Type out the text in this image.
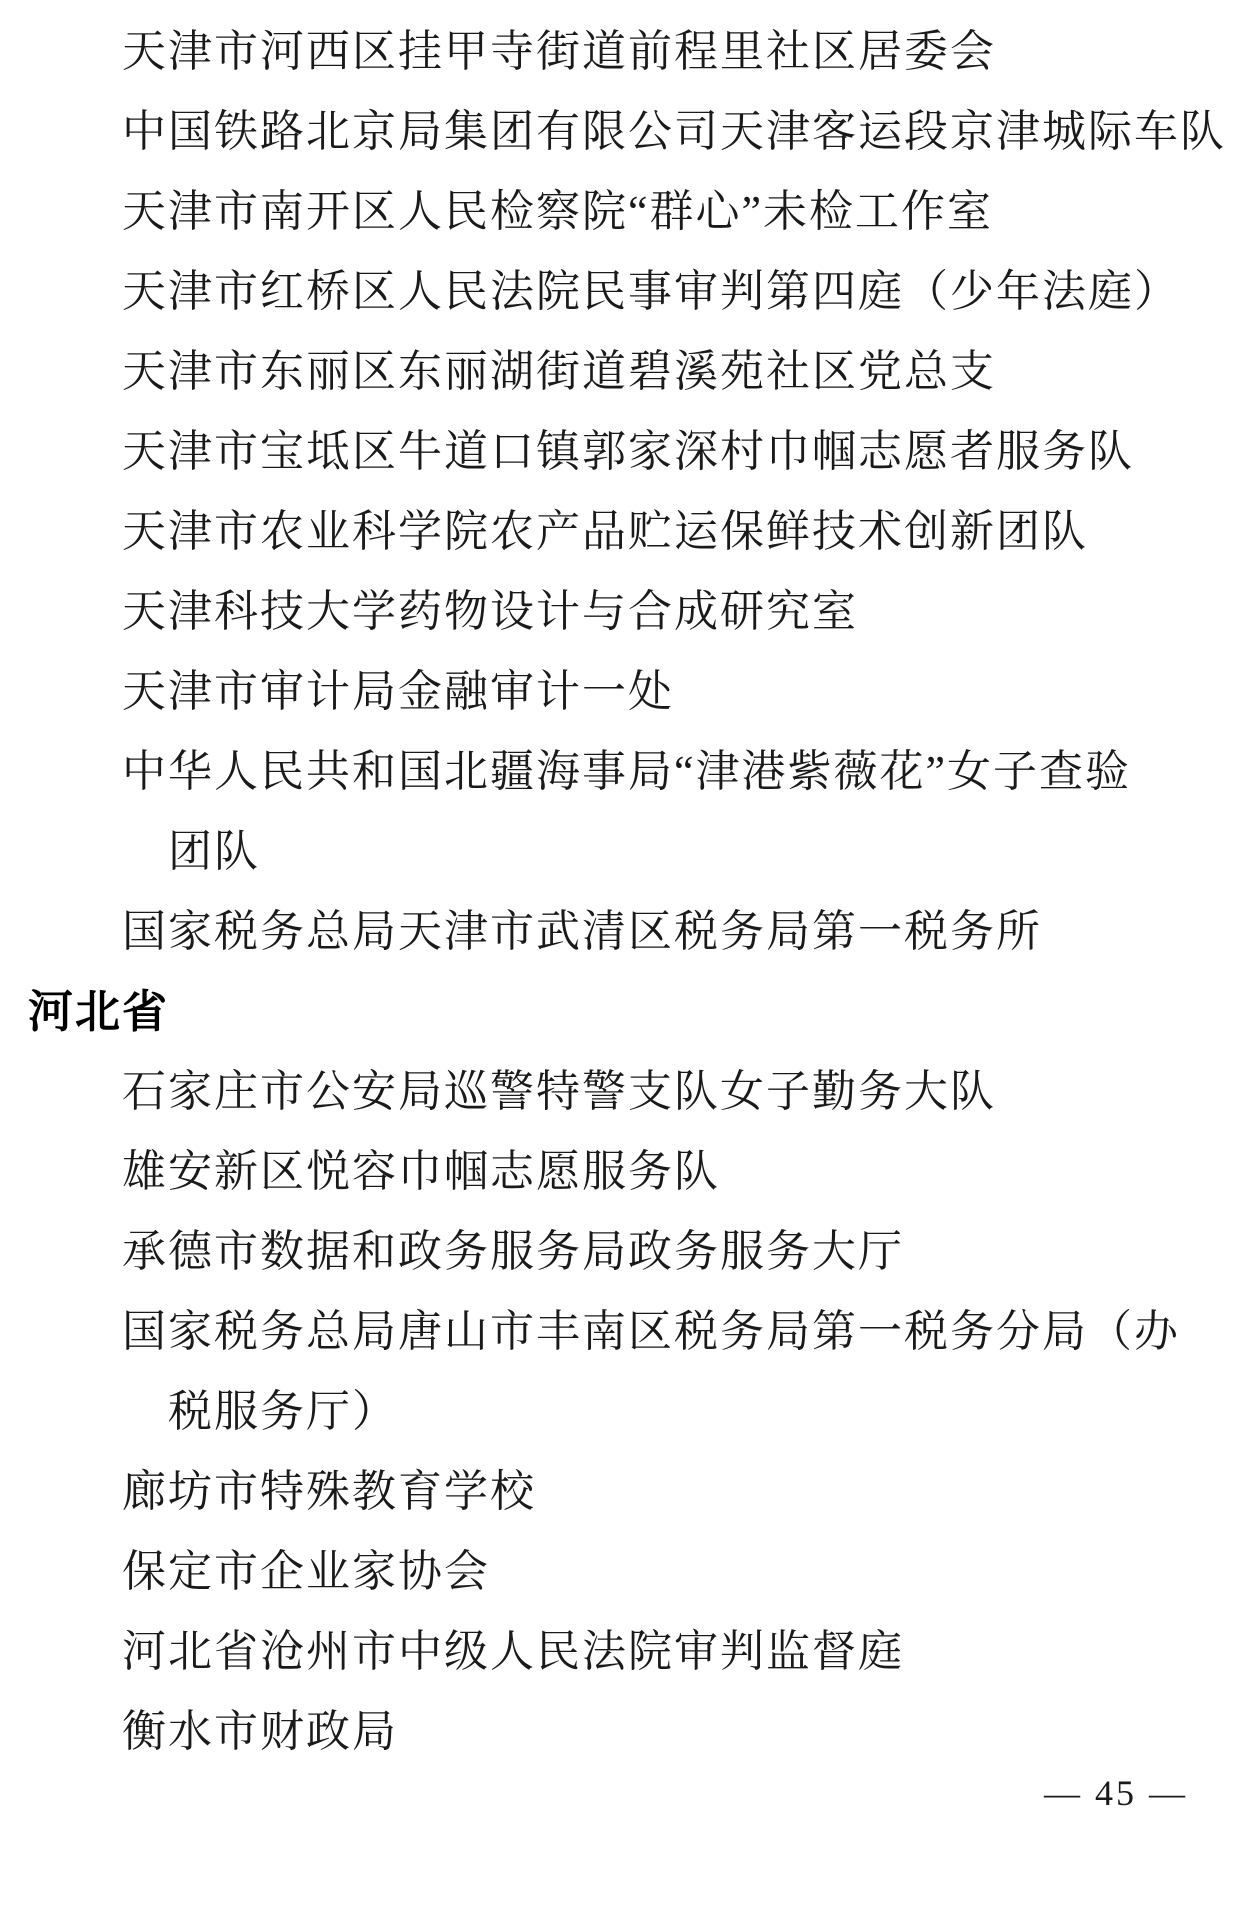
天津市河西区挂甲寺街道前程里社区居委会
中国铁路北京局集团有限公司天津客运段京津城际车队
天津市南开区人民检察院“群心”未检工作室
天津市红桥区人民法院民事审判第四庭（少年法庭）
天津市东丽区东丽湖街道碧溪苑社区党总支
天津市宝坻区牛道口镇郭家深村巾帼志愿者服务队
天津市农业科学院农产品贮运保鲜技术创新团队
天津科技大学药物设计与合成研究室
天津市审计局金融审计一处
中华人民共和国北疆海事局“津港紫薇花”女子查验
团队
国家税务总局天津市武清区税务局第一税务所
河北省
石家庄市公安局巡警特警支队女子勤务大队
雄安新区悦容巾帼志愿服务队
承德市数据和政务服务局政务服务大厅
国家税务总局唐山市丰南区税务局第一税务分局（办
税服务厅）
廊坊市特殊教育学校
保定市企业家协会
河北省沧州市中级人民法院审判监督庭
衡水市财政局
— 45 —
